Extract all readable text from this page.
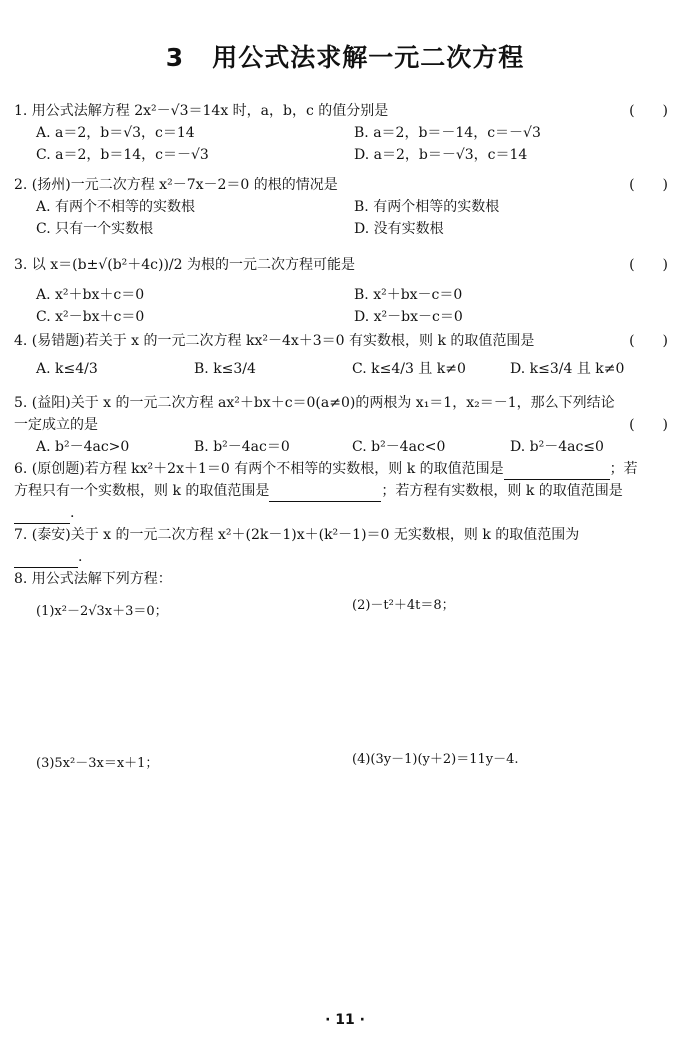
3 用公式法求解一元二次方程
1. 用公式法解方程 2x²－√3＝14x 时，a，b，c 的值分别是	(　　)
A. a＝2，b＝√3，c＝14	B. a＝2，b＝－14，c＝－√3
C. a＝2，b＝14，c＝－√3	D. a＝2，b＝－√3，c＝14
2. (扬州)一元二次方程 x²－7x－2＝0 的根的情况是	(　　)
A. 有两个不相等的实数根	B. 有两个相等的实数根
C. 只有一个实数根	D. 没有实数根
3. 以 x＝(b±√(b²＋4c))/2 为根的一元二次方程可能是	(　　)
A. x²＋bx＋c＝0	B. x²＋bx－c＝0
C. x²－bx＋c＝0	D. x²－bx－c＝0
4. (易错题)若关于 x 的一元二次方程 kx²－4x＋3＝0 有实数根，则 k 的取值范围是	(　　)
A. k≤4/3	B. k≤3/4	C. k≤4/3 且 k≠0	D. k≤3/4 且 k≠0
5. (益阳)关于 x 的一元二次方程 ax²＋bx＋c＝0(a≠0)的两根为 x₁＝1，x₂＝－1，那么下列结论
一定成立的是	(　　)
A. b²－4ac>0	B. b²－4ac＝0	C. b²－4ac<0	D. b²－4ac≤0
6. (原创题)若方程 kx²＋2x＋1＝0 有两个不相等的实数根，则 k 的取值范围是	；若
方程只有一个实数根，则 k 的取值范围是	；若方程有实数根，则 k 的取值范围是
.
7. (泰安)关于 x 的一元二次方程 x²＋(2k－1)x＋(k²－1)＝0 无实数根，则 k 的取值范围为
.
8. 用公式法解下列方程：
(1)x²－2√3x＋3＝0；	(2)－t²＋4t＝8；
(3)5x²－3x＝x＋1；	(4)(3y－1)(y＋2)＝11y－4.
· 11 ·
